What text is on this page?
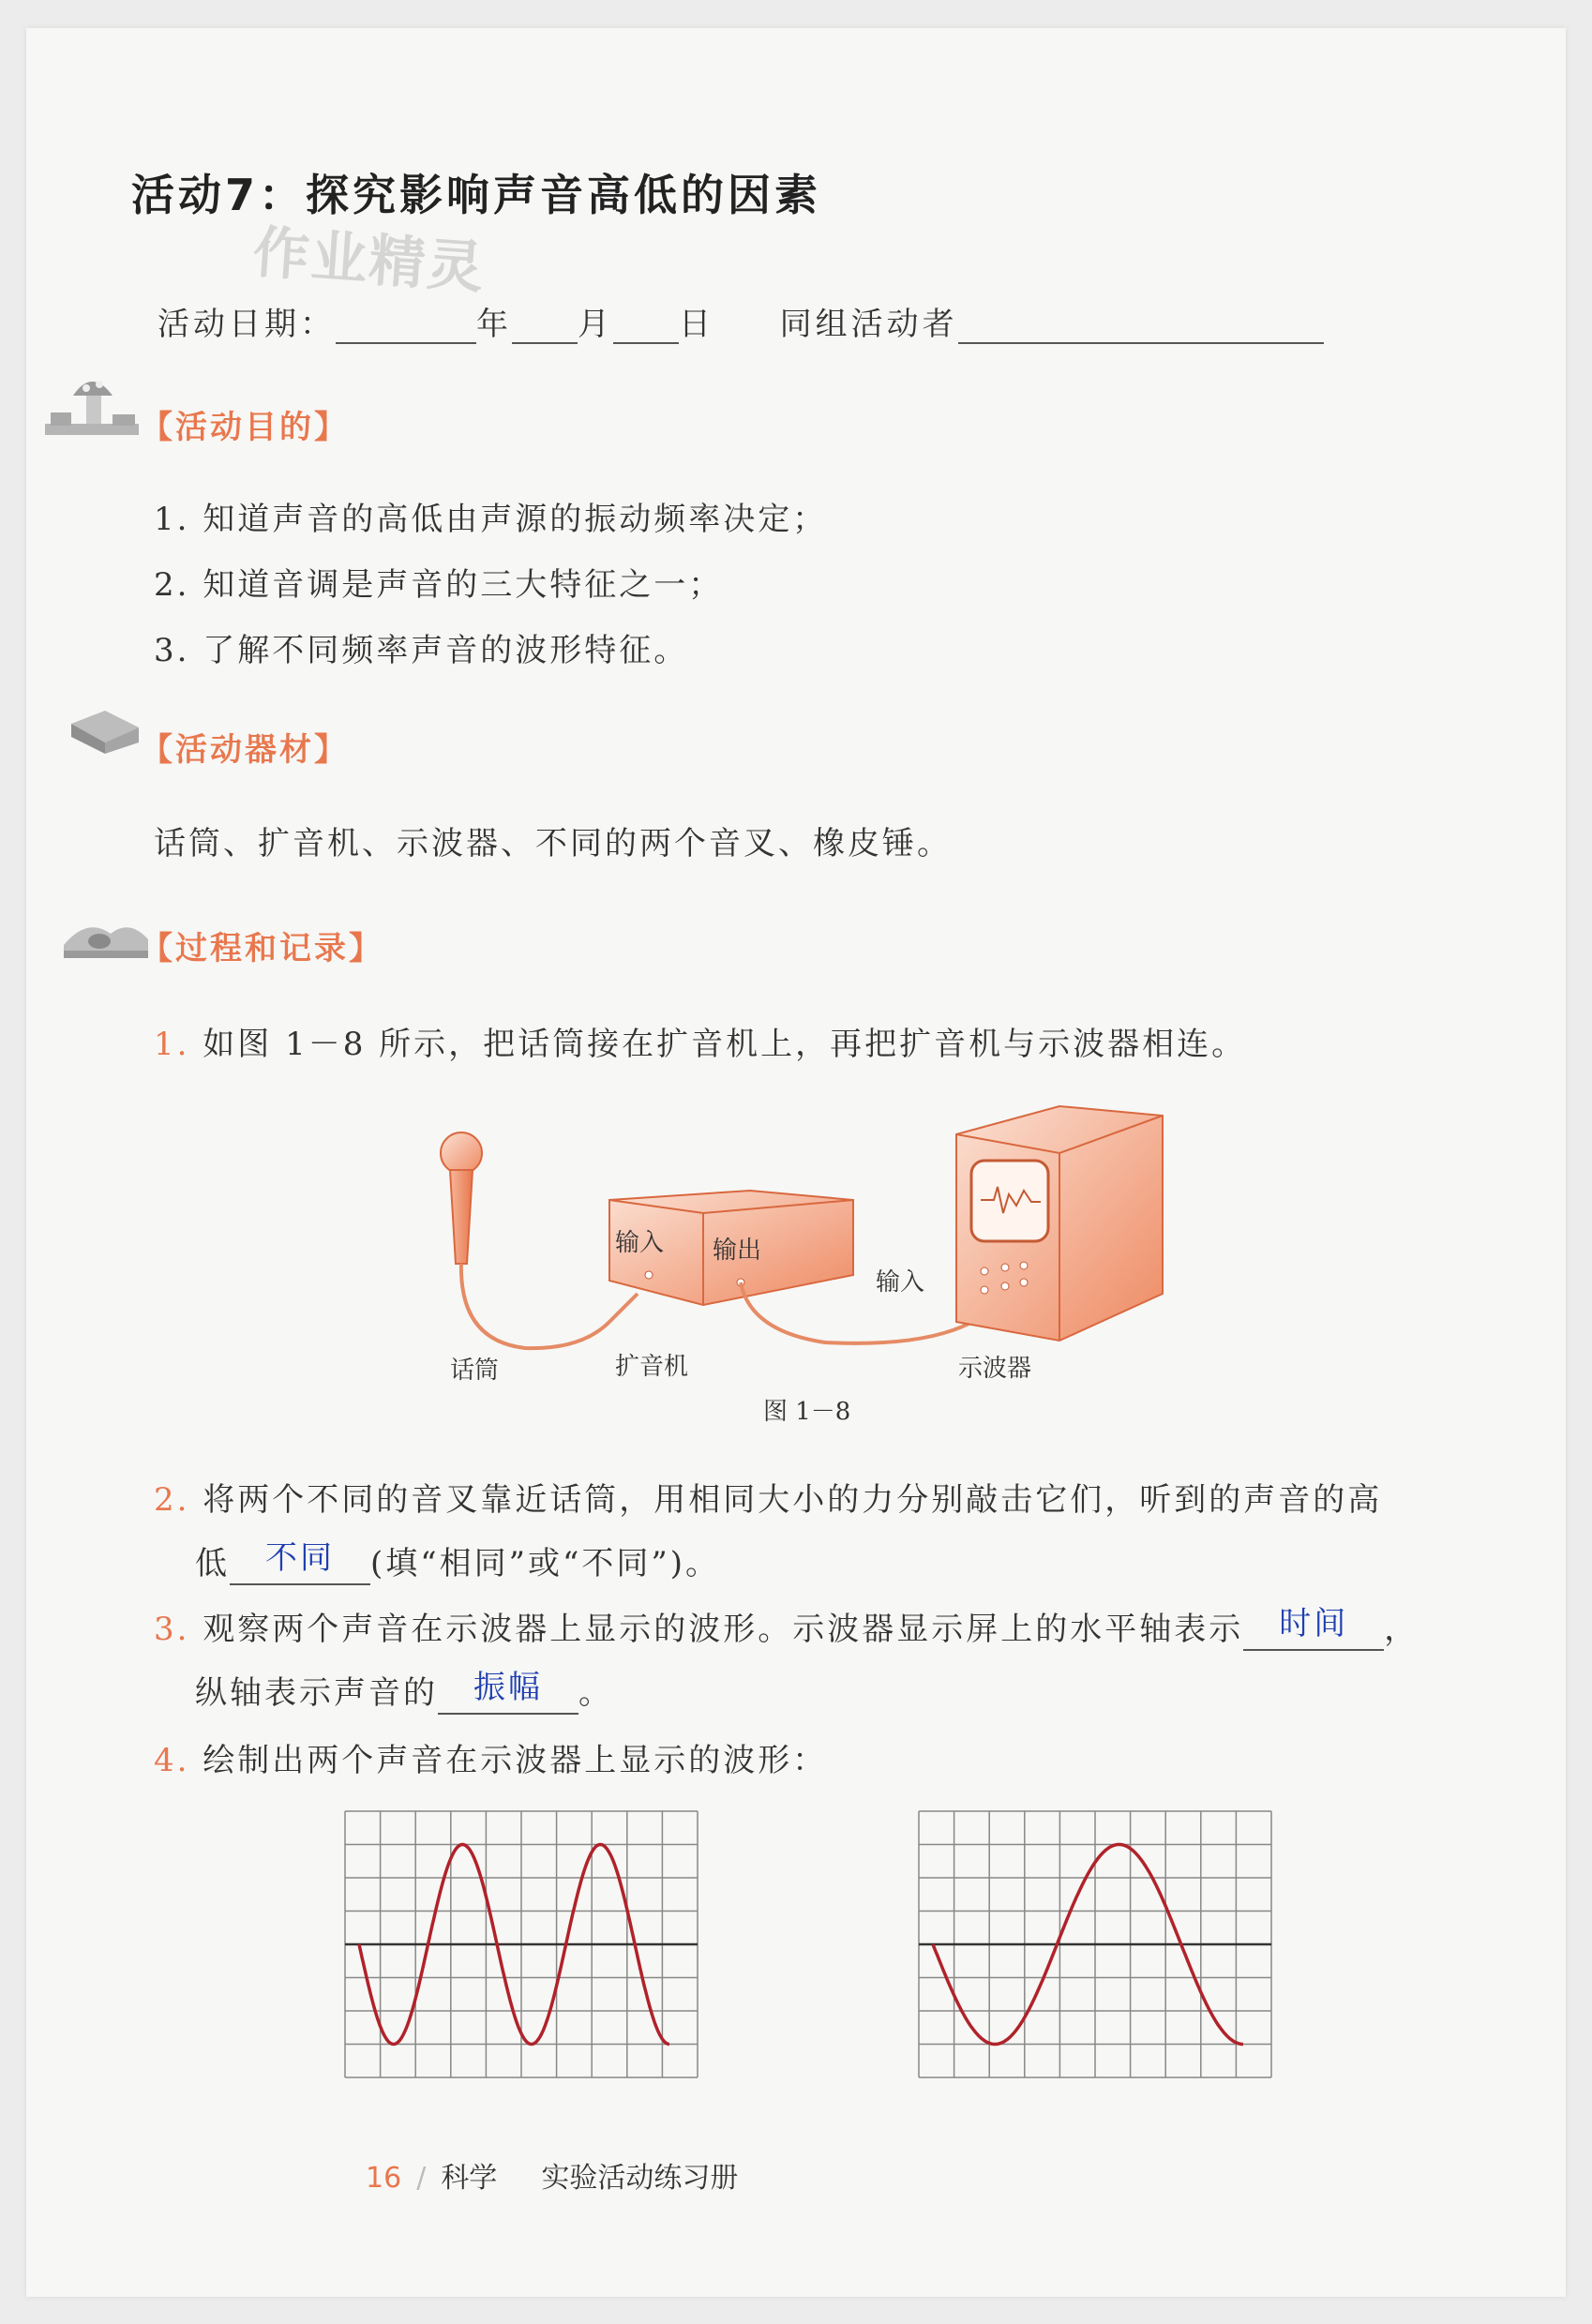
活动7：探究影响声音高低的因素
作业精灵
活动日期：	年 月 日 同组活动者
【活动目的】
1. 知道声音的高低由声源的振动频率决定；
2. 知道音调是声音的三大特征之一；
3. 了解不同频率声音的波形特征。
【活动器材】
话筒、扩音机、示波器、不同的两个音叉、橡皮锤。
【过程和记录】
1. 如图 1－8 所示，把话筒接在扩音机上，再把扩音机与示波器相连。
输入 输出
输入
话筒	扩音机	示波器
图 1－8
2. 将两个不同的音叉靠近话筒，用相同大小的力分别敲击它们，听到的声音的高
低 不同 (填“相同”或“不同”)。
3. 观察两个声音在示波器上显示的波形。示波器显示屏上的水平轴表示 时间 ，
纵轴表示声音的 振幅 。
4. 绘制出两个声音在示波器上显示的波形：
16 / 科学 实验活动练习册
